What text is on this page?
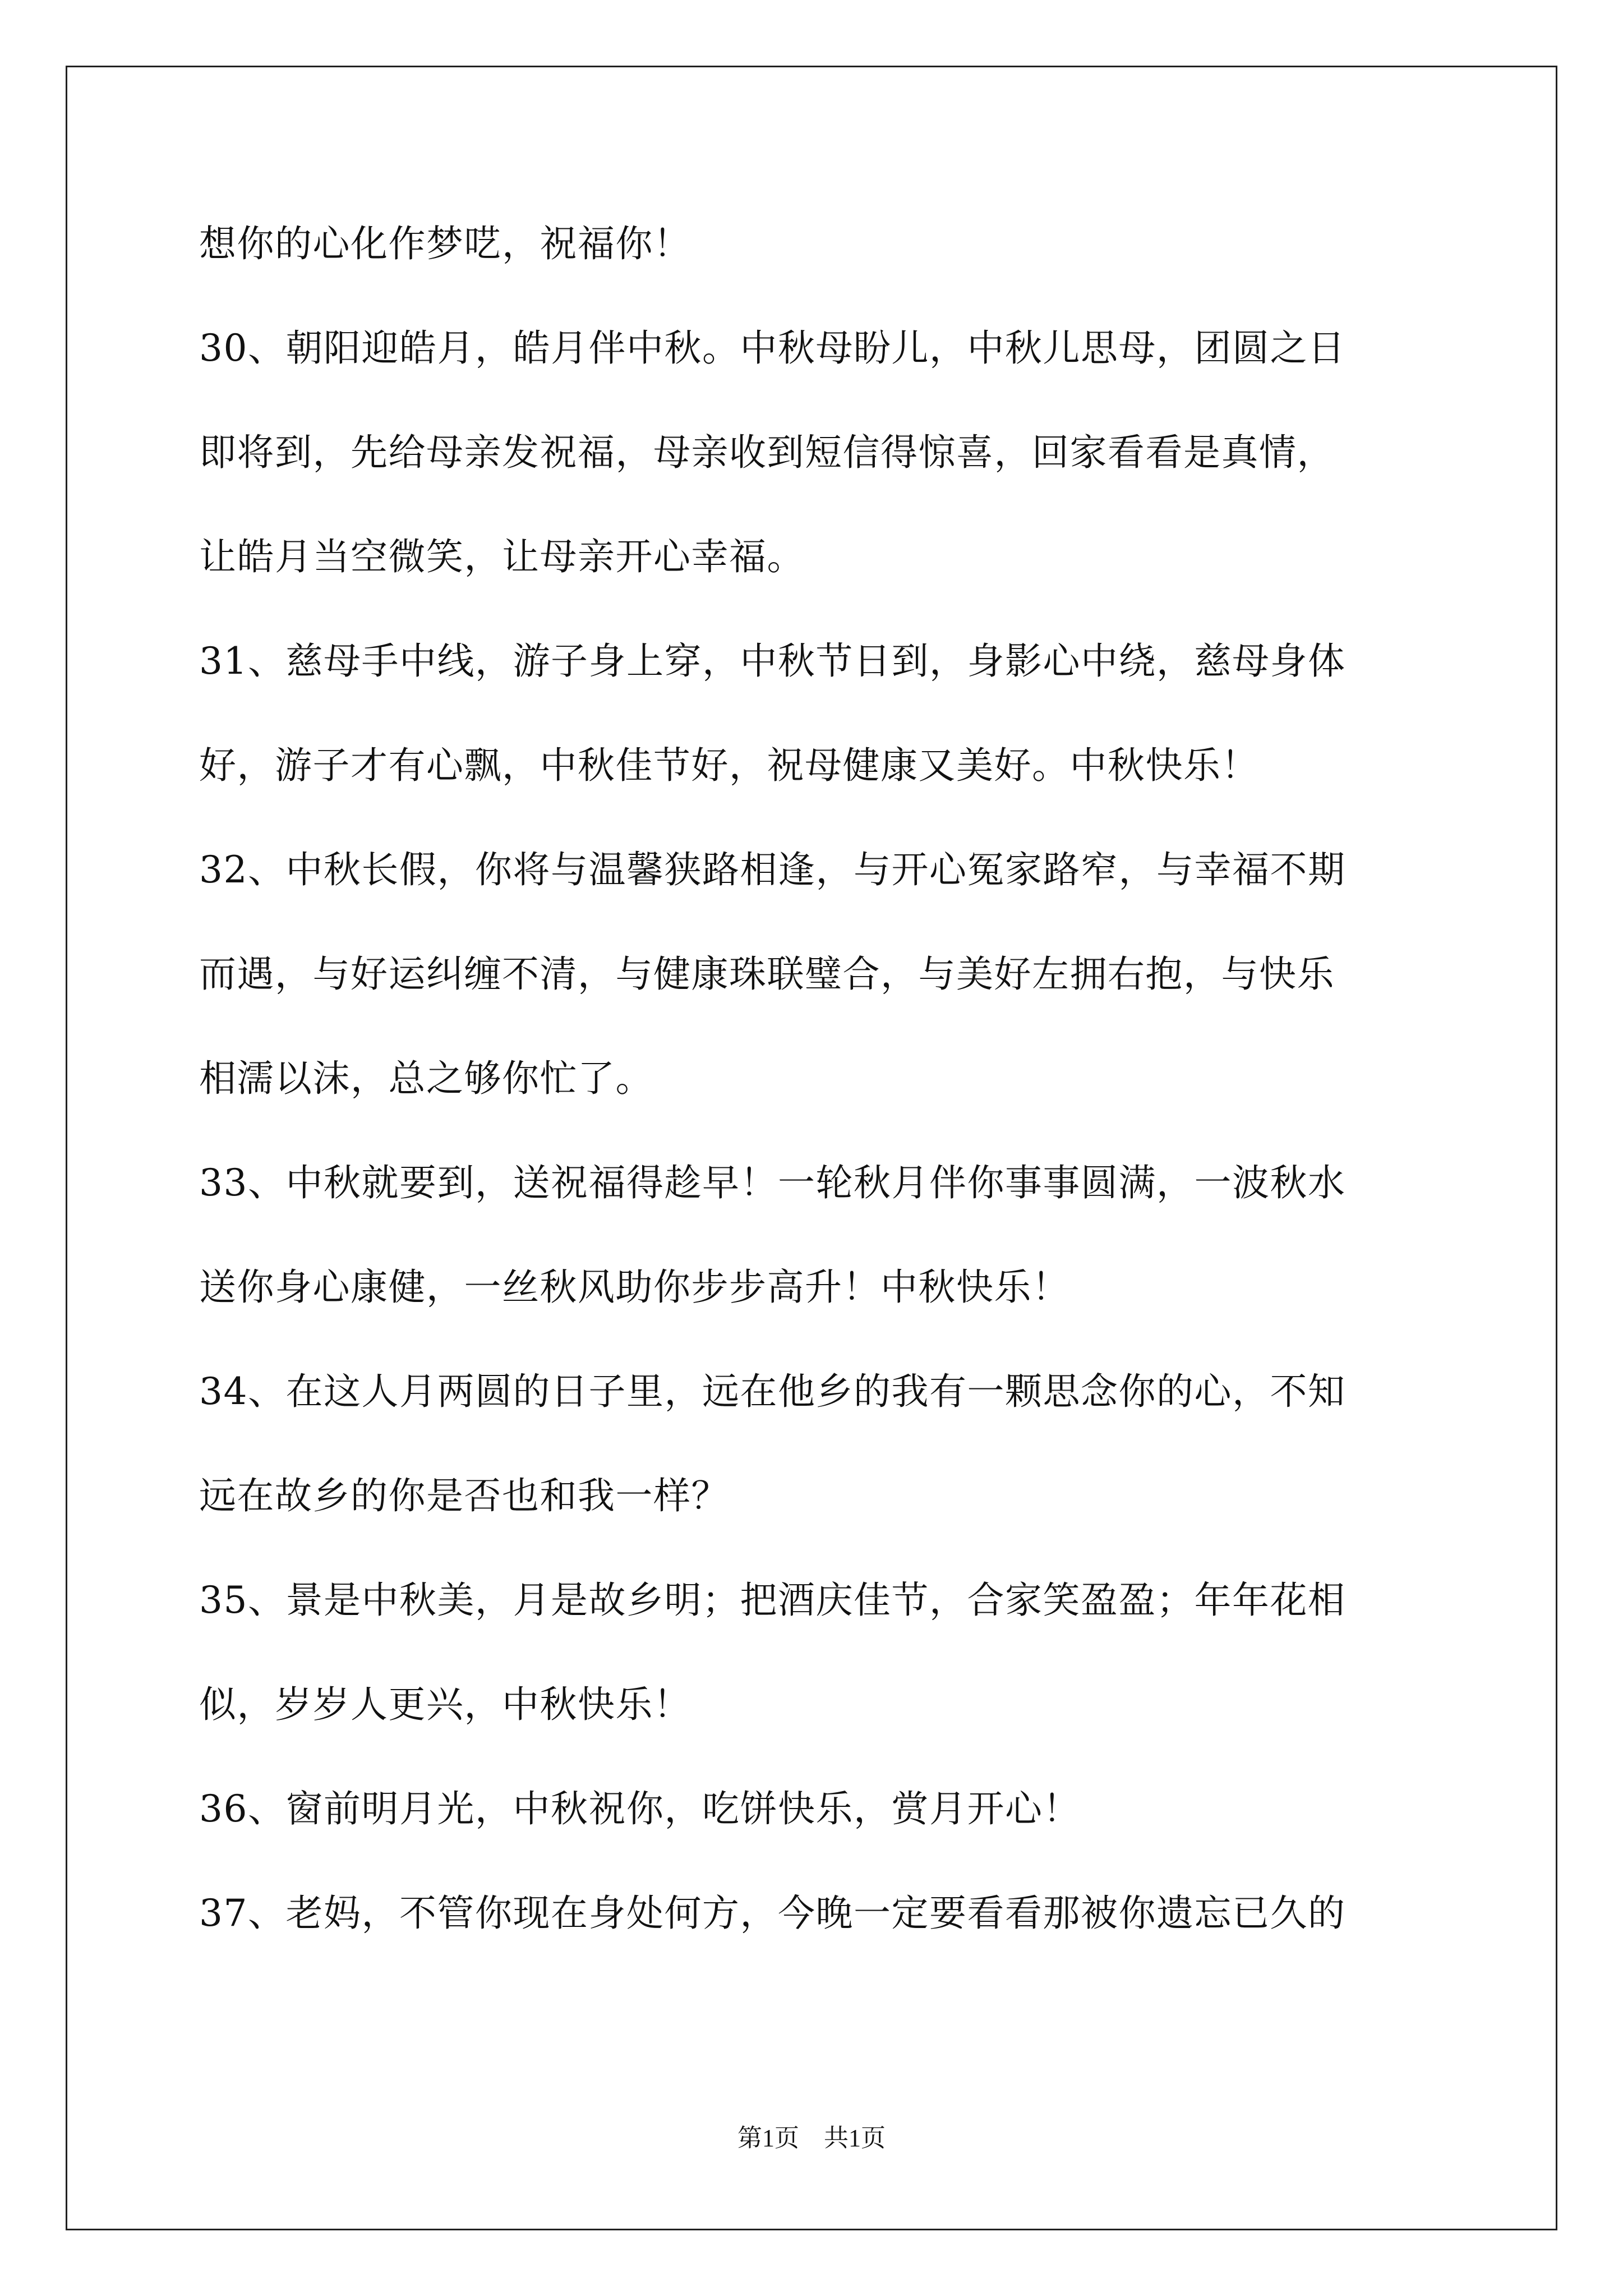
想你的心化作梦呓，祝福你！
30、朝阳迎皓月，皓月伴中秋。中秋母盼儿，中秋儿思母，团圆之日
即将到，先给母亲发祝福，母亲收到短信得惊喜，回家看看是真情，
让皓月当空微笑，让母亲开心幸福。
31、慈母手中线，游子身上穿，中秋节日到，身影心中绕，慈母身体
好，游子才有心飘，中秋佳节好，祝母健康又美好。中秋快乐！
32、中秋长假，你将与温馨狭路相逢，与开心冤家路窄，与幸福不期
而遇，与好运纠缠不清，与健康珠联璧合，与美好左拥右抱，与快乐
相濡以沫，总之够你忙了。
33、中秋就要到，送祝福得趁早！一轮秋月伴你事事圆满，一波秋水
送你身心康健，一丝秋风助你步步高升！中秋快乐！
34、在这人月两圆的日子里，远在他乡的我有一颗思念你的心，不知
远在故乡的你是否也和我一样？
35、景是中秋美，月是故乡明；把酒庆佳节，合家笑盈盈；年年花相
似，岁岁人更兴，中秋快乐！
36、窗前明月光，中秋祝你，吃饼快乐，赏月开心！
37、老妈，不管你现在身处何方，今晚一定要看看那被你遗忘已久的
第1页　共1页
